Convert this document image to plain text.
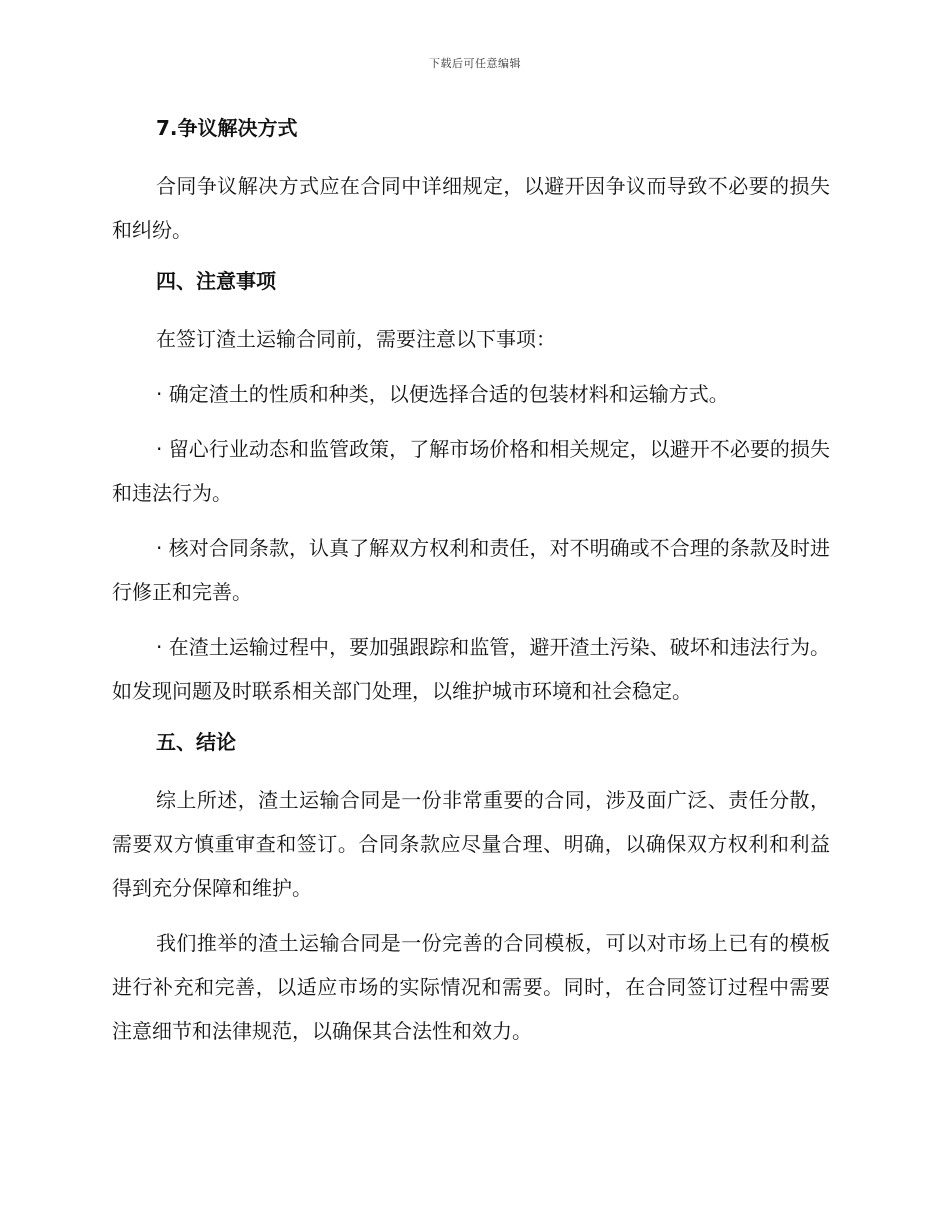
下载后可任意编辑
7.争议解决方式

合同争议解决方式应在合同中详细规定，以避开因争议而导致不必要的损失和纠纷。

四、注意事项

在签订渣土运输合同前，需要注意以下事项：

· 确定渣土的性质和种类，以便选择合适的包装材料和运输方式。

· 留心行业动态和监管政策，了解市场价格和相关规定，以避开不必要的损失和违法行为。

· 核对合同条款，认真了解双方权利和责任，对不明确或不合理的条款及时进行修正和完善。

· 在渣土运输过程中，要加强跟踪和监管，避开渣土污染、破坏和违法行为。如发现问题及时联系相关部门处理，以维护城市环境和社会稳定。

五、结论

综上所述，渣土运输合同是一份非常重要的合同，涉及面广泛、责任分散，需要双方慎重审查和签订。合同条款应尽量合理、明确，以确保双方权利和利益得到充分保障和维护。

我们推举的渣土运输合同是一份完善的合同模板，可以对市场上已有的模板进行补充和完善，以适应市场的实际情况和需要。同时，在合同签订过程中需要注意细节和法律规范，以确保其合法性和效力。
